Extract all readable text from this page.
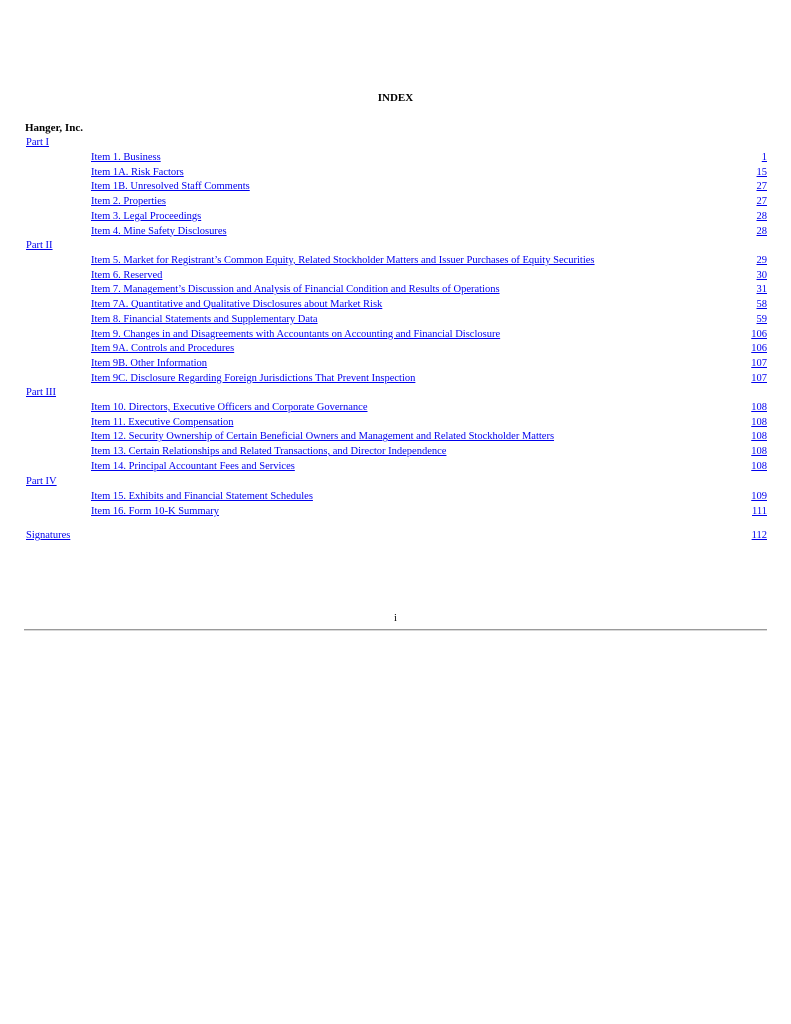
INDEX
Hanger, Inc.
Part I
Item 1. Business	1
Item 1A. Risk Factors	15
Item 1B. Unresolved Staff Comments	27
Item 2. Properties	27
Item 3. Legal Proceedings	28
Item 4. Mine Safety Disclosures	28
Part II
Item 5. Market for Registrant’s Common Equity, Related Stockholder Matters and Issuer Purchases of Equity Securities	29
Item 6. Reserved	30
Item 7. Management’s Discussion and Analysis of Financial Condition and Results of Operations	31
Item 7A. Quantitative and Qualitative Disclosures about Market Risk	58
Item 8. Financial Statements and Supplementary Data	59
Item 9. Changes in and Disagreements with Accountants on Accounting and Financial Disclosure	106
Item 9A. Controls and Procedures	106
Item 9B. Other Information	107
Item 9C. Disclosure Regarding Foreign Jurisdictions That Prevent Inspection	107
Part III
Item 10. Directors, Executive Officers and Corporate Governance	108
Item 11. Executive Compensation	108
Item 12. Security Ownership of Certain Beneficial Owners and Management and Related Stockholder Matters	108
Item 13. Certain Relationships and Related Transactions, and Director Independence	108
Item 14. Principal Accountant Fees and Services	108
Part IV
Item 15. Exhibits and Financial Statement Schedules	109
Item 16. Form 10-K Summary	111
Signatures	112
i
